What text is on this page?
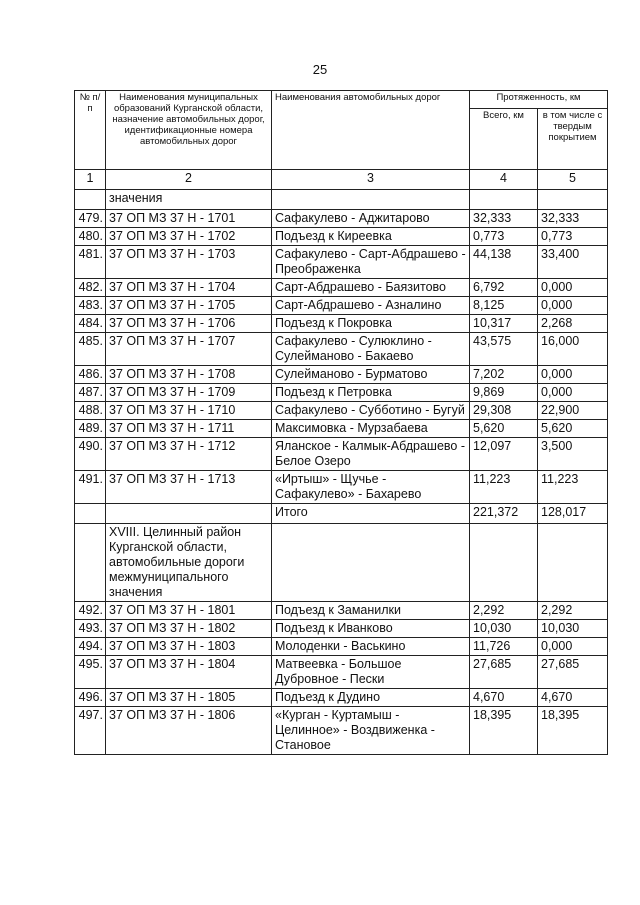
25
№ п/п	Наименования муниципальных образований Курганской области, назначение автомобильных дорог, идентификационные номера автомобильных дорог	Наименования автомобильных дорог	Протяженность, км	
			Всего, км	в том числе с твердым покрытием
1	2	3	4	5
	значения			
479.	37 ОП МЗ 37 Н - 1701	Сафакулево - Аджитарово	32,333	32,333
480.	37 ОП МЗ 37 Н - 1702	Подъезд к Киреевка	0,773	0,773
481.	37 ОП МЗ 37 Н - 1703	Сафакулево - Сарт-Абдрашево - Преображенка	44,138	33,400
482.	37 ОП МЗ 37 Н - 1704	Сарт-Абдрашево - Баязитово	6,792	0,000
483.	37 ОП МЗ 37 Н - 1705	Сарт-Абдрашево - Азналино	8,125	0,000
484.	37 ОП МЗ 37 Н - 1706	Подъезд к Покровка	10,317	2,268
485.	37 ОП МЗ 37 Н - 1707	Сафакулево - Сулюклино - Сулейманово - Бакаево	43,575	16,000
486.	37 ОП МЗ 37 Н - 1708	Сулейманово - Бурматово	7,202	0,000
487.	37 ОП МЗ 37 Н - 1709	Подъезд к Петровка	9,869	0,000
488.	37 ОП МЗ 37 Н - 1710	Сафакулево - Субботино - Бугуй	29,308	22,900
489.	37 ОП МЗ 37 Н - 1711	Максимовка - Мурзабаева	5,620	5,620
490.	37 ОП МЗ 37 Н - 1712	Яланское - Калмык-Абдрашево - Белое Озеро	12,097	3,500
491.	37 ОП МЗ 37 Н - 1713	«Иртыш» - Щучье - Сафакулево» - Бахарево	11,223	11,223
		Итого	221,372	128,017
	XVIII. Целинный район Курганской области, автомобильные дороги межмуниципального значения			
492.	37 ОП МЗ 37 Н - 1801	Подъезд к Заманилки	2,292	2,292
493.	37 ОП МЗ 37 Н - 1802	Подъезд к Иванково	10,030	10,030
494.	37 ОП МЗ 37 Н - 1803	Молоденки - Васькино	11,726	0,000
495.	37 ОП МЗ 37 Н - 1804	Матвеевка - Большое Дубровное - Пески	27,685	27,685
496.	37 ОП МЗ 37 Н - 1805	Подъезд к Дудино	4,670	4,670
497.	37 ОП МЗ 37 Н - 1806	«Курган - Куртамыш - Целинное» - Воздвиженка - Становое	18,395	18,395
